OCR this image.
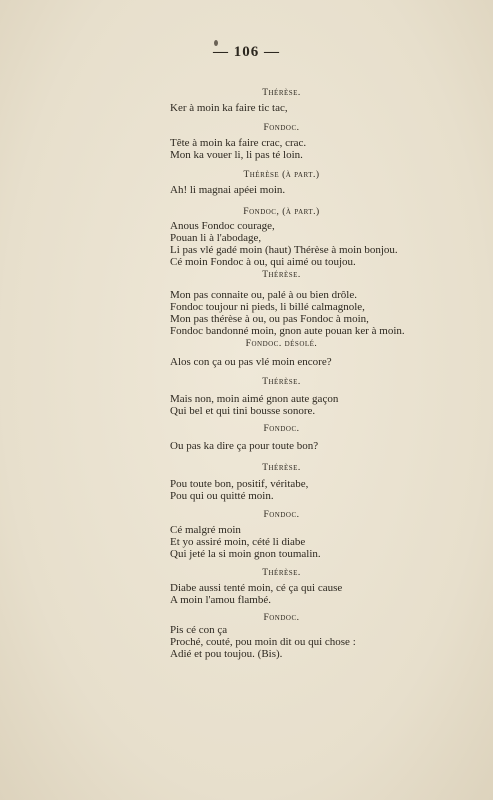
— 106 —
Thérèse.
Ker à moin ka faire tic tac,
Fondoc.
Tête à moin ka faire crac, crac.
Mon ka vouer li, li pas té loin.
Thérèse (à part.)
Ah! li magnai apéei moin.
Fondoc, (à part.)
Anous Fondoc courage,
Pouan li à l'abodage,
Li pas vlé gadé moin (haut) Thérèse à moin bonjou.
Cé moin Fondoc à ou, qui aimé ou toujou.
Thérèse.
Mon pas connaite ou, palé à ou bien drôle.
Fondoc toujour ni pieds, li billé calmagnole,
Mon pas thérèse à ou, ou pas Fondoc à moin,
Fondoc bandonné moin, gnon aute pouan ker à moin.
Fondoc. désolé.
Alos con ça ou pas vlé moin encore?
Thérèse.
Mais non, moin aimé gnon aute gaçon
Qui bel et qui tini bousse sonore.
Fondoc.
Ou pas ka dire ça pour toute bon?
Thérèse.
Pou toute bon, positif, véritabe,
Pou qui ou quitté moin.
Fondoc.
Cé malgré moin
Et yo assiré moin, cété li diabe
Qui jeté la si moin gnon toumalin.
Thérèse.
Diabe aussi tenté moin, cé ça qui cause
A moin l'amou flambé.
Fondoc.
Pis cé con ça
Proché, couté, pou moin dit ou qui chose :
Adié et pou toujou. (Bis).
